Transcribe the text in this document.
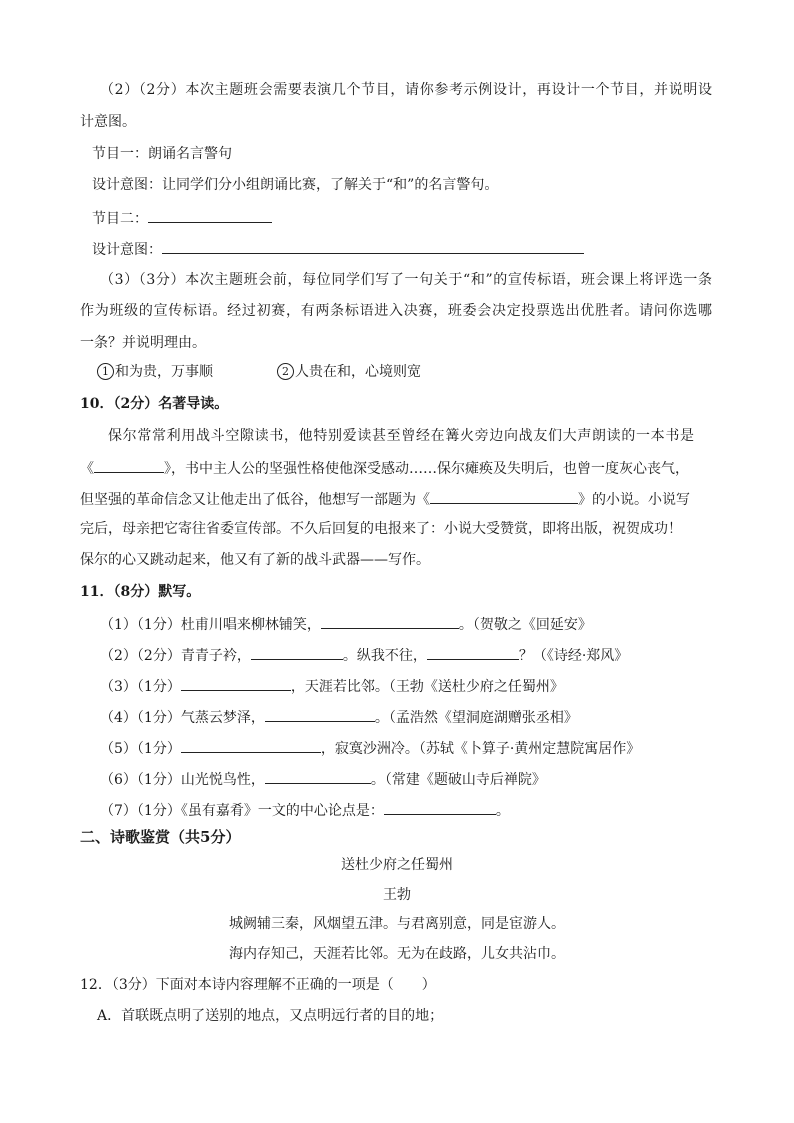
（2）（2分）本次主题班会需要表演几个节目，请你参考示例设计，再设计一个节目，并说明设
计意图。
节目一：朗诵名言警句
设计意图：让同学们分小组朗诵比赛，了解关于“和”的名言警句。
节目二：
设计意图：
（3）（3分）本次主题班会前，每位同学们写了一句关于“和”的宣传标语，班会课上将评选一条
作为班级的宣传标语。经过初赛，有两条标语进入决赛，班委会决定投票选出优胜者。请问你选哪
一条？并说明理由。
1 和为贵，万事顺	2 人贵在和，心境则宽
10．（2分）名著导读。
保尔常常利用战斗空隙读书，他特别爱读甚至曾经在篝火旁边向战友们大声朗读的一本书是
《	》，书中主人公的坚强性格使他深受感动……保尔瘫痪及失明后，也曾一度灰心丧气，
但坚强的革命信念又让他走出了低谷，他想写一部题为《	》的小说。小说写
完后，母亲把它寄往省委宣传部。不久后回复的电报来了：小说大受赞赏，即将出版，祝贺成功！
保尔的心又跳动起来，他又有了新的战斗武器——写作。
11．（8分）默写。
（1）（1分）杜甫川唱来柳林铺笑，	。（贺敬之《回延安》
（2）（2分）青青子衿，	。纵我不往，	？（《诗经·郑风》
（3）（1分）	，天涯若比邻。（王勃《送杜少府之任蜀州》
（4）（1分）气蒸云梦泽，	。（孟浩然《望洞庭湖赠张丞相》
（5）（1分）	，寂寞沙洲冷。（苏轼《卜算子·黄州定慧院寓居作》
（6）（1分）山光悦鸟性，	。（常建《题破山寺后禅院》
（7）（1分）《虽有嘉肴》一文的中心论点是：	。
二、诗歌鉴赏（共5分）
送杜少府之任蜀州
王勃
城阙辅三秦，风烟望五津。与君离别意，同是宦游人。
海内存知己，天涯若比邻。无为在歧路，儿女共沾巾。
12．（3分）下面对本诗内容理解不正确的一项是（　　）
A．首联既点明了送别的地点，又点明远行者的目的地；
